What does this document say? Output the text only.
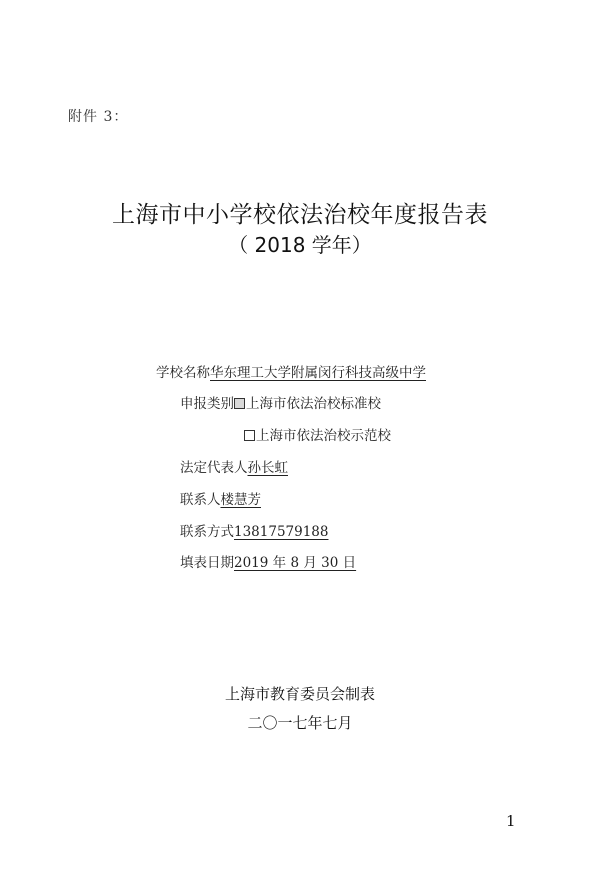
附件 3：
上海市中小学校依法治校年度报告表
（ 2018 学年）
学校名称华东理工大学附属闵行科技高级中学
申报类别 上海市依法治校标准校
上海市依法治校示范校
法定代表人孙长虹
联系人楼慧芳
联系方式13817579188
填表日期2019 年 8 月 30 日
上海市教育委员会制表
二〇一七年七月
1
